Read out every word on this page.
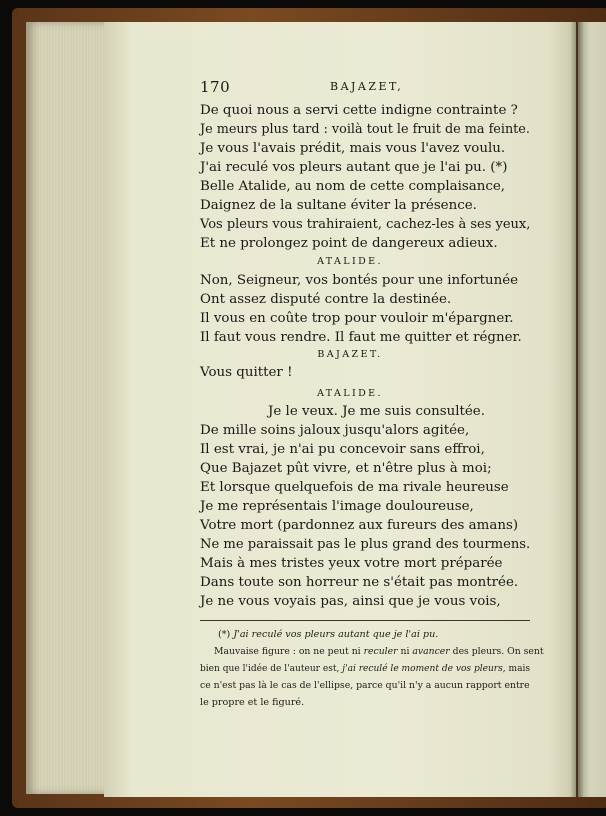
170	BAJAZET,
De quoi nous a servi cette indigne contrainte ?
Je meurs plus tard : voilà tout le fruit de ma feinte.
Je vous l'avais prédit, mais vous l'avez voulu.
J'ai reculé vos pleurs autant que je l'ai pu. (*)
Belle Atalide, au nom de cette complaisance,
Daignez de la sultane éviter la présence.
Vos pleurs vous trahiraient, cachez-les à ses yeux,
Et ne prolongez point de dangereux adieux.
ATALIDE.
Non, Seigneur, vos bontés pour une infortunée
Ont assez disputé contre la destinée.
Il vous en coûte trop pour vouloir m'épargner.
Il faut vous rendre. Il faut me quitter et régner.
BAJAZET.
Vous quitter !
ATALIDE.
Je le veux. Je me suis consultée.
De mille soins jaloux jusqu'alors agitée,
Il est vrai, je n'ai pu concevoir sans effroi,
Que Bajazet pût vivre, et n'être plus à moi;
Et lorsque quelquefois de ma rivale heureuse
Je me représentais l'image douloureuse,
Votre mort (pardonnez aux fureurs des amans)
Ne me paraissait pas le plus grand des tourmens.
Mais à mes tristes yeux votre mort préparée
Dans toute son horreur ne s'était pas montrée.
Je ne vous voyais pas, ainsi que je vous vois,
(*) J'ai reculé vos pleurs autant que je l'ai pu.
Mauvaise figure : on ne peut ni reculer ni avancer des pleurs. On sent
bien que l'idée de l'auteur est, j'ai reculé le moment de vos pleurs, mais
ce n'est pas là le cas de l'ellipse, parce qu'il n'y a aucun rapport entre
le propre et le figuré.
